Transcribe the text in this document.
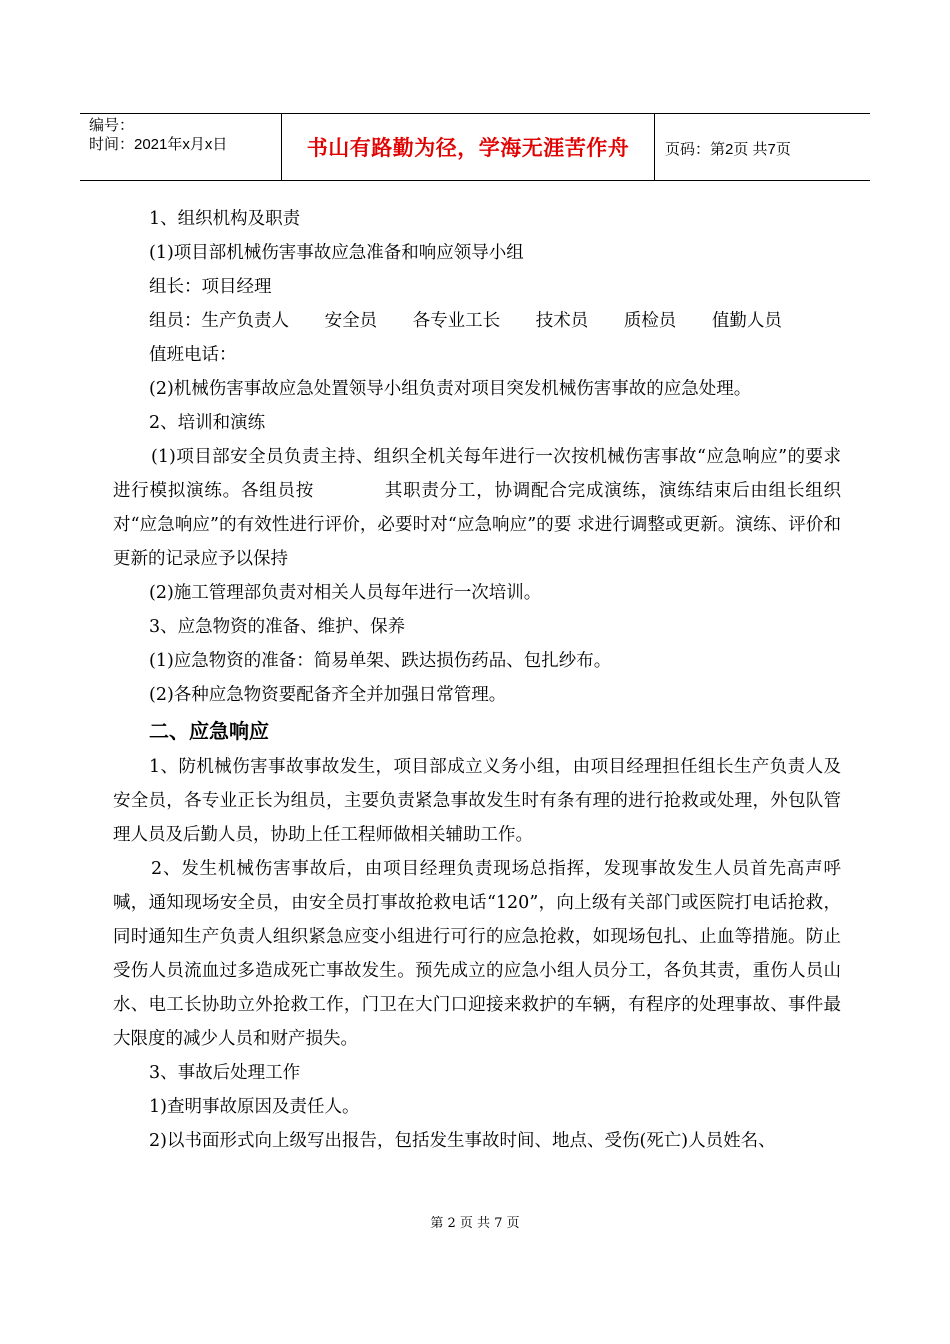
编号：
时间：2021年x月x日	书山有路勤为径，学海无涯苦作舟	页码：第2页 共7页

1、组织机构及职责

(1)项目部机械伤害事故应急准备和响应领导小组

组长：项目经理

组员：生产负责人 安全员 各专业工长 技术员 质检员 值勤人员

值班电话：

(2)机械伤害事故应急处置领导小组负责对项目突发机械伤害事故的应急处理。

2、培训和演练

(1)项目部安全员负责主持、组织全机关每年进行一次按机械伤害事故“应急响应”的要求进行模拟演练。各组员按	其职责分工，协调配合完成演练，演练结束后由组长组织对“应急响应”的有效性进行评价，必要时对“应急响应”的要 求进行调整或更新。演练、评价和更新的记录应予以保持

(2)施工管理部负责对相关人员每年进行一次培训。

3、应急物资的准备、维护、保养

(1)应急物资的准备：简易单架、跌达损伤药品、包扎纱布。

(2)各种应急物资要配备齐全并加强日常管理。

二、应急响应

1、防机械伤害事故事故发生，项目部成立义务小组，由项目经理担任组长生产负责人及安全员，各专业正长为组员，主要负责紧急事故发生时有条有理的进行抢救或处理，外包队管理人员及后勤人员，协助上任工程师做相关辅助工作。

2、发生机械伤害事故后，由项目经理负责现场总指挥，发现事故发生人员首先高声呼喊，通知现场安全员，由安全员打事故抢救电话“120”，向上级有关部门或医院打电话抢救，同时通知生产负责人组织紧急应变小组进行可行的应急抢救，如现场包扎、止血等措施。防止受伤人员流血过多造成死亡事故发生。预先成立的应急小组人员分工，各负其责，重伤人员山水、电工长协助立外抢救工作，门卫在大门口迎接来救护的车辆，有程序的处理事故、事件最大限度的减少人员和财产损失。

3、事故后处理工作

1)查明事故原因及责任人。

2)以书面形式向上级写出报告，包括发生事故时间、地点、受伤(死亡)人员姓名、

第 2 页 共 7 页
